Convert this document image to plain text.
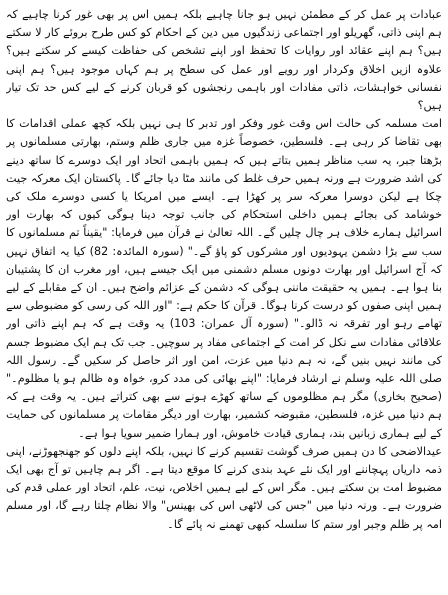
عبادات پر عمل کر کے مطمئن نہیں ہو جانا چاہیے بلکہ ہمیں اس پر بھی غور کرنا چاہیے کہ ہم اپنی ذاتی، گھریلو اور اجتماعی زندگیوں میں دین کے احکام کو کس طرح بروئے کار لا سکتے ہیں؟ ہم اپنے عقائد اور روایات کا تحفظ اور اپنے تشخص کی حفاظت کیسے کر سکتے ہیں؟ علاوہ ازیں اخلاق وکردار اور رویے اور عمل کی سطح پر ہم کہاں موجود ہیں؟ ہم اپنی نفسانی خواہشات، ذاتی مفادات اور باہمی رنجشوں کو قربان کرنے کے لیے کس حد تک تیار ہیں؟

امت مسلمہ کی حالت اس وقت غور وفکر اور تدبر کا ہی نہیں بلکہ کچھ عملی اقدامات کا بھی تقاضا کر رہی ہے۔ فلسطین، خصوصاً غزہ میں جاری ظلم وستم، بھارتی مسلمانوں پر بڑھتا جبر، یہ سب مناظر ہمیں بتاتے ہیں کہ ہمیں باہمی اتحاد اور ایک دوسرے کا ساتھ دینے کی اشد ضرورت ہے ورنہ ہمیں حرف غلط کی مانند مٹا دیا جائے گا۔ پاکستان ایک معرکہ جیت چکا ہے لیکن دوسرا معرکہ سر پر کھڑا ہے۔ ایسے میں امریکا یا کسی دوسرے ملک کی خوشامد کی بجائے ہمیں داخلی استحکام کی جانب توجہ دینا ہوگی کیوں کہ بھارت اور اسرائیل ہمارے خلاف ہر چال چلیں گے۔ اللہ تعالیٰ نے قرآن میں فرمایا: "یقیناً تم مسلمانوں کا سب سے بڑا دشمن یہودیوں اور مشرکوں کو پاؤ گے۔" (سورہ المائدہ: 82) کیا یہ اتفاق نہیں کہ آج اسرائیل اور بھارت دونوں مسلم دشمنی میں ایک جیسے ہیں، اور مغرب ان کا پشتیبان بنا ہوا ہے۔ ہمیں یہ حقیقت ماننی ہوگی کہ دشمن کے عزائم واضح ہیں۔ ان کے مقابلے کے لیے ہمیں اپنی صفوں کو درست کرنا ہوگا۔ قرآن کا حکم ہے: "اور اللہ کی رسی کو مضبوطی سے تھامے رہو اور تفرقہ نہ ڈالو۔" (سورہ آل عمران: 103) یہ وقت ہے کہ ہم اپنے ذاتی اور علاقائی مفادات سے نکل کر امت کے اجتماعی مفاد پر سوچیں۔ جب تک ہم ایک مضبوط جسم کی مانند نہیں بنیں گے، نہ ہم دنیا میں عزت، امن اور اثر حاصل کر سکیں گے۔ رسول اللہ صلی اللہ علیہ وسلم نے ارشاد فرمایا: "اپنے بھائی کی مدد کرو، خواہ وہ ظالم ہو یا مظلوم۔" (صحیح بخاری) مگر ہم مظلوموں کے ساتھ کھڑے ہونے سے بھی کتراتے ہیں۔ یہ وقت ہے کہ ہم دنیا میں غزہ، فلسطین، مقبوضہ کشمیر، بھارت اور دیگر مقامات پر مسلمانوں کی حمایت کے لیے ہماری زبانیں بند، ہماری قیادت خاموش، اور ہمارا ضمیر سویا ہوا ہے۔

عیدالاضحی کا دن ہمیں صرف گوشت تقسیم کرنے کا نہیں، بلکہ اپنے دلوں کو جھنجھوڑنے، اپنی ذمہ داریاں پہچاننے اور ایک نئے عہد بندی کرنے کا موقع دیتا ہے۔ اگر ہم چاہیں تو آج بھی ایک مضبوط امت بن سکتے ہیں۔ مگر اس کے لیے ہمیں اخلاص، نیت، علم، اتحاد اور عملی قدم کی ضرورت ہے۔ ورنہ دنیا میں "جس کی لاٹھی اس کی بھینس" والا نظام چلتا رہے گا، اور مسلم امہ پر ظلم وجبر اور ستم کا سلسلہ کبھی تھمنے نہ پائے گا۔
